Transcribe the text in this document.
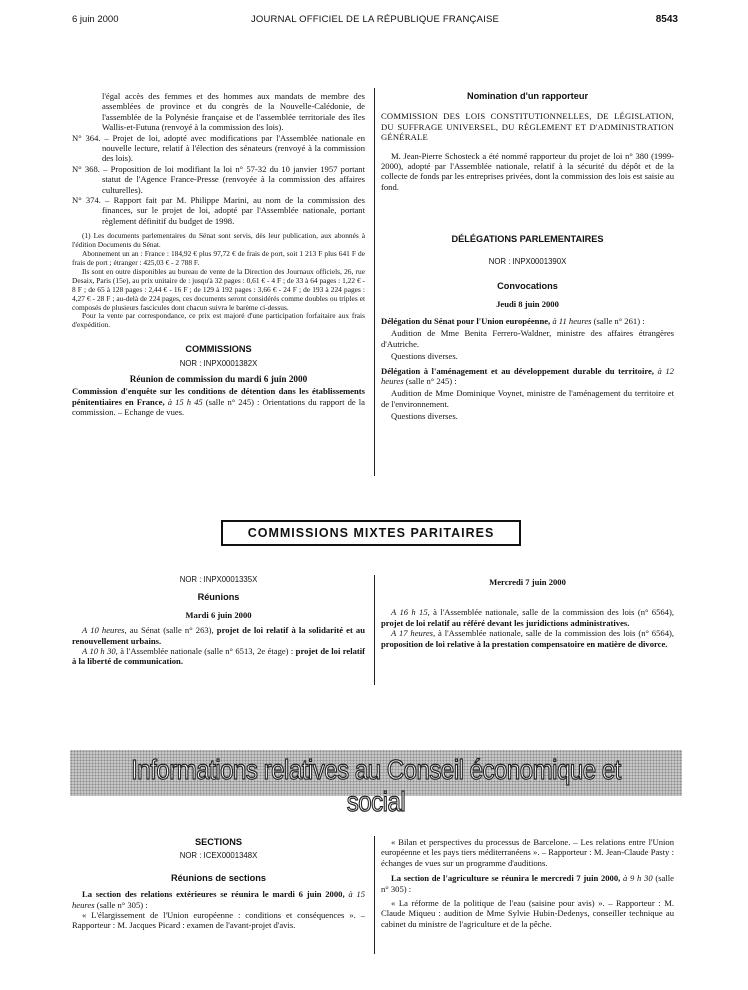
6 juin 2000	JOURNAL OFFICIEL DE LA RÉPUBLIQUE FRANÇAISE	8543

l'égal accès des femmes et des hommes aux mandats de membre des assemblées de province et du congrès de la Nouvelle-Calédonie, de l'assemblée de la Polynésie française et de l'assemblée territoriale des îles Wallis-et-Futuna (renvoyé à la commission des lois).

N° 364. – Projet de loi, adopté avec modifications par l'Assemblée nationale en nouvelle lecture, relatif à l'élection des sénateurs (renvoyé à la commission des lois).

N° 368. – Proposition de loi modifiant la loi n° 57-32 du 10 janvier 1957 portant statut de l'Agence France-Presse (renvoyée à la commission des affaires culturelles).

N° 374. – Rapport fait par M. Philippe Marini, au nom de la commission des finances, sur le projet de loi, adopté par l'Assemblée nationale, portant règlement définitif du budget de 1998.

(1) Les documents parlementaires du Sénat sont servis, dès leur publication, aux abonnés à l'édition Documents du Sénat.

Abonnement un an : France : 184,92 € plus 97,72 € de frais de port, soit 1 213 F plus 641 F de frais de port ; étranger : 425,03 € - 2 788 F.

Ils sont en outre disponibles au bureau de vente de la Direction des Journaux officiels, 26, rue Desaix, Paris (15e), au prix unitaire de : jusqu'à 32 pages : 0,61 € - 4 F ; de 33 à 64 pages : 1,22 € - 8 F ; de 65 à 128 pages : 2,44 € - 16 F ; de 129 à 192 pages : 3,66 € - 24 F ; de 193 à 224 pages : 4,27 € - 28 F ; au-delà de 224 pages, ces documents seront considérés comme doubles ou triples et composés de plusieurs fascicules dont chacun suivra le barème ci-dessus.

Pour la vente par correspondance, ce prix est majoré d'une participation forfaitaire aux frais d'expédition.

COMMISSIONS

NOR : INPX0001382X

Réunion de commission du mardi 6 juin 2000

Commission d'enquête sur les conditions de détention dans les établissements pénitentiaires en France, à 15 h 45 (salle n° 245) : Orientations du rapport de la commission. – Echange de vues.

Nomination d'un rapporteur

COMMISSION DES LOIS CONSTITUTIONNELLES, DE LÉGISLATION, DU SUFFRAGE UNIVERSEL, DU RÈGLEMENT ET D'ADMINISTRATION GÉNÉRALE

M. Jean-Pierre Schosteck a été nommé rapporteur du projet de loi n° 380 (1999-2000), adopté par l'Assemblée nationale, relatif à la sécurité du dépôt et de la collecte de fonds par les entreprises privées, dont la commission des lois est saisie au fond.

DÉLÉGATIONS PARLEMENTAIRES

NOR : INPX0001390X

Convocations

Jeudi 8 juin 2000

Délégation du Sénat pour l'Union européenne, à 11 heures (salle n° 261) :

Audition de Mme Benita Ferrero-Waldner, ministre des affaires étrangères d'Autriche.

Questions diverses.

Délégation à l'aménagement et au développement durable du territoire, à 12 heures (salle n° 245) :

Audition de Mme Dominique Voynet, ministre de l'aménagement du territoire et de l'environnement.

Questions diverses.

COMMISSIONS MIXTES PARITAIRES

NOR : INPX0001335X

Réunions

Mardi 6 juin 2000

A 10 heures, au Sénat (salle n° 263), projet de loi relatif à la solidarité et au renouvellement urbains.

A 10 h 30, à l'Assemblée nationale (salle n° 6513, 2e étage) : projet de loi relatif à la liberté de communication.

Mercredi 7 juin 2000

A 16 h 15, à l'Assemblée nationale, salle de la commission des lois (n° 6564), projet de loi relatif au référé devant les juridictions administratives.

A 17 heures, à l'Assemblée nationale, salle de la commission des lois (n° 6564), proposition de loi relative à la prestation compensatoire en matière de divorce.

Informations relatives au Conseil économique et social

SECTIONS

NOR : ICEX0001348X

Réunions de sections

La section des relations extérieures se réunira le mardi 6 juin 2000, à 15 heures (salle n° 305) :

« L'élargissement de l'Union européenne : conditions et conséquences ». – Rapporteur : M. Jacques Picard : examen de l'avant-projet d'avis.

« Bilan et perspectives du processus de Barcelone. – Les relations entre l'Union européenne et les pays tiers méditerranéens ». – Rapporteur : M. Jean-Claude Pasty : échanges de vues sur un programme d'auditions.

La section de l'agriculture se réunira le mercredi 7 juin 2000, à 9 h 30 (salle n° 305) :

« La réforme de la politique de l'eau (saisine pour avis) ». – Rapporteur : M. Claude Miqueu : audition de Mme Sylvie Hubin-Dedenys, conseiller technique au cabinet du ministre de l'agriculture et de la pêche.
